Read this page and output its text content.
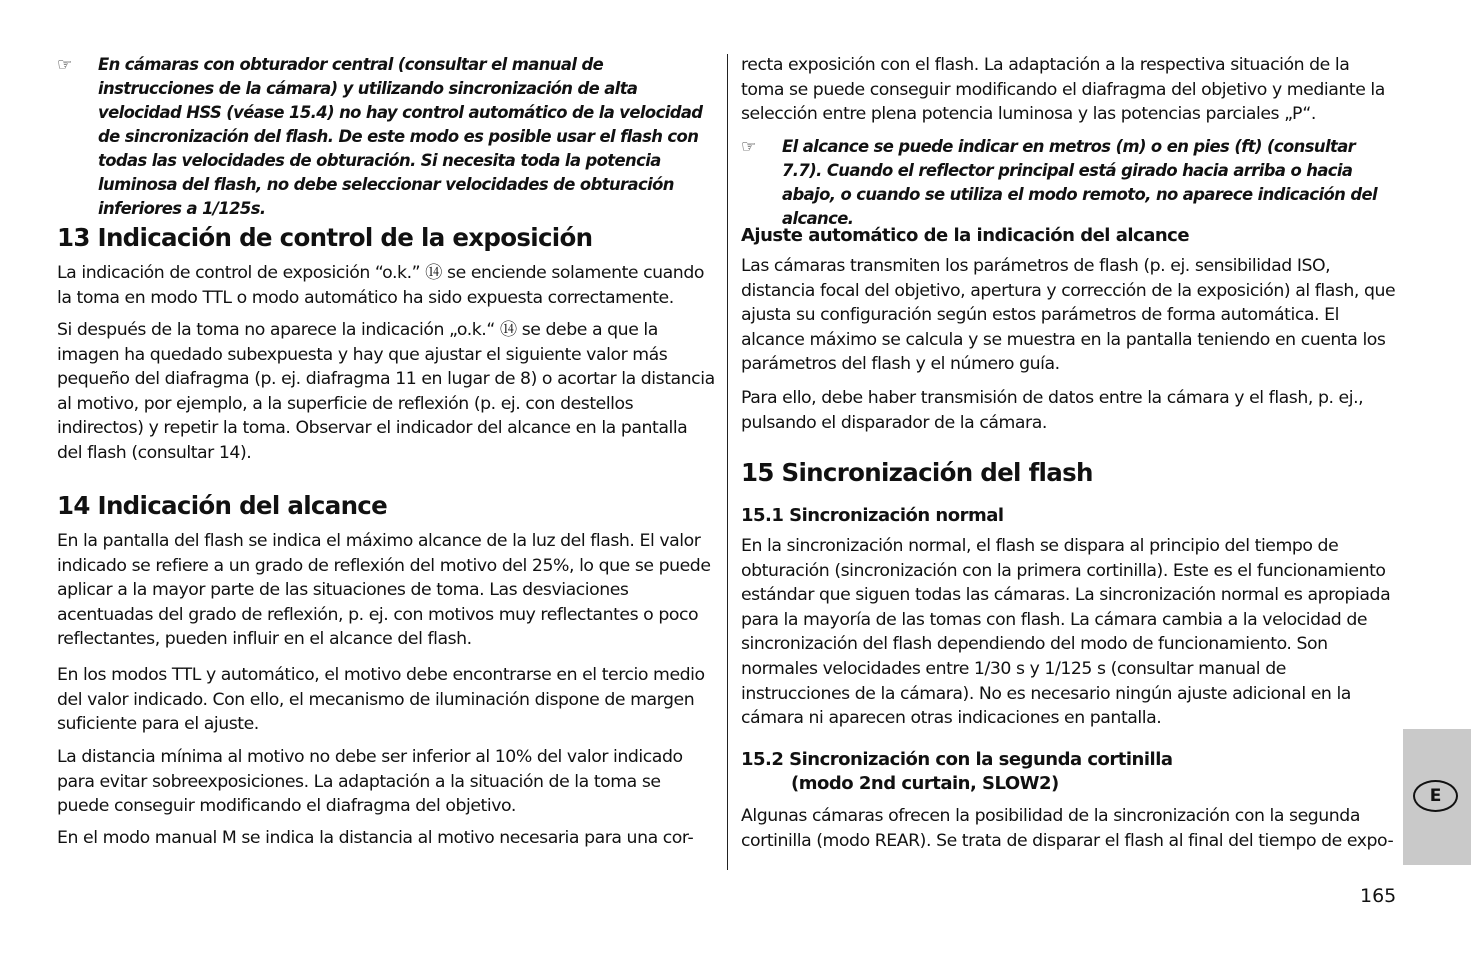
☞ En cámaras con obturador central (consultar el manual de instrucciones de la cámara) y utilizando sincronización de alta velocidad HSS (véase 15.4) no hay control automático de la velocidad de sincronización del flash. De este modo es posible usar el flash con todas las velocidades de obturación. Si necesita toda la potencia luminosa del flash, no debe seleccionar velocidades de obturación inferiores a 1/125s.
13 Indicación de control de la exposición

La indicación de control de exposición “o.k.” ⑭ se enciende solamente cuando la toma en modo TTL o modo automático ha sido expuesta correctamente.

Si después de la toma no aparece la indicación „o.k.“ ⑭ se debe a que la imagen ha quedado subexpuesta y hay que ajustar el siguiente valor más pequeño del diafragma (p. ej. diafragma 11 en lugar de 8) o acortar la distancia al motivo, por ejemplo, a la superficie de reflexión (p. ej. con destellos indirectos) y repetir la toma. Observar el indicador del alcance en la pantalla del flash (consultar 14).

14 Indicación del alcance

En la pantalla del flash se indica el máximo alcance de la luz del flash. El valor indicado se refiere a un grado de reflexión del motivo del 25%, lo que se puede aplicar a la mayor parte de las situaciones de toma. Las desviaciones acentuadas del grado de reflexión, p. ej. con motivos muy reflectantes o poco reflectantes, pueden influir en el alcance del flash.

En los modos TTL y automático, el motivo debe encontrarse en el tercio medio del valor indicado. Con ello, el mecanismo de iluminación dispone de margen suficiente para el ajuste.

La distancia mínima al motivo no debe ser inferior al 10% del valor indicado para evitar sobreexposiciones. La adaptación a la situación de la toma se puede conseguir modificando el diafragma del objetivo.

En el modo manual M se indica la distancia al motivo necesaria para una cor-

recta exposición con el flash. La adaptación a la respectiva situación de la toma se puede conseguir modificando el diafragma del objetivo y mediante la selección entre plena potencia luminosa y las potencias parciales „P“.

☞ El alcance se puede indicar en metros (m) o en pies (ft) (consultar 7.7). Cuando el reflector principal está girado hacia arriba o hacia abajo, o cuando se utiliza el modo remoto, no aparece indicación del alcance.
Ajuste automático de la indicación del alcance

Las cámaras transmiten los parámetros de flash (p. ej. sensibilidad ISO, distancia focal del objetivo, apertura y corrección de la exposición) al flash, que ajusta su configuración según estos parámetros de forma automática. El alcance máximo se calcula y se muestra en la pantalla teniendo en cuenta los parámetros del flash y el número guía.

Para ello, debe haber transmisión de datos entre la cámara y el flash, p. ej., pulsando el disparador de la cámara.

15 Sincronización del flash
15.1 Sincronización normal

En la sincronización normal, el flash se dispara al principio del tiempo de obturación (sincronización con la primera cortinilla). Este es el funcionamiento estándar que siguen todas las cámaras. La sincronización normal es apropiada para la mayoría de las tomas con flash. La cámara cambia a la velocidad de sincronización del flash dependiendo del modo de funcionamiento. Son normales velocidades entre 1/30 s y 1/125 s (consultar manual de instrucciones de la cámara). No es necesario ningún ajuste adicional en la cámara ni aparecen otras indicaciones en pantalla.

15.2 Sincronización con la segunda cortinilla
(modo 2nd curtain, SLOW2)

Algunas cámaras ofrecen la posibilidad de la sincronización con la segunda cortinilla (modo REAR). Se trata de disparar el flash al final del tiempo de expo-

E
165
